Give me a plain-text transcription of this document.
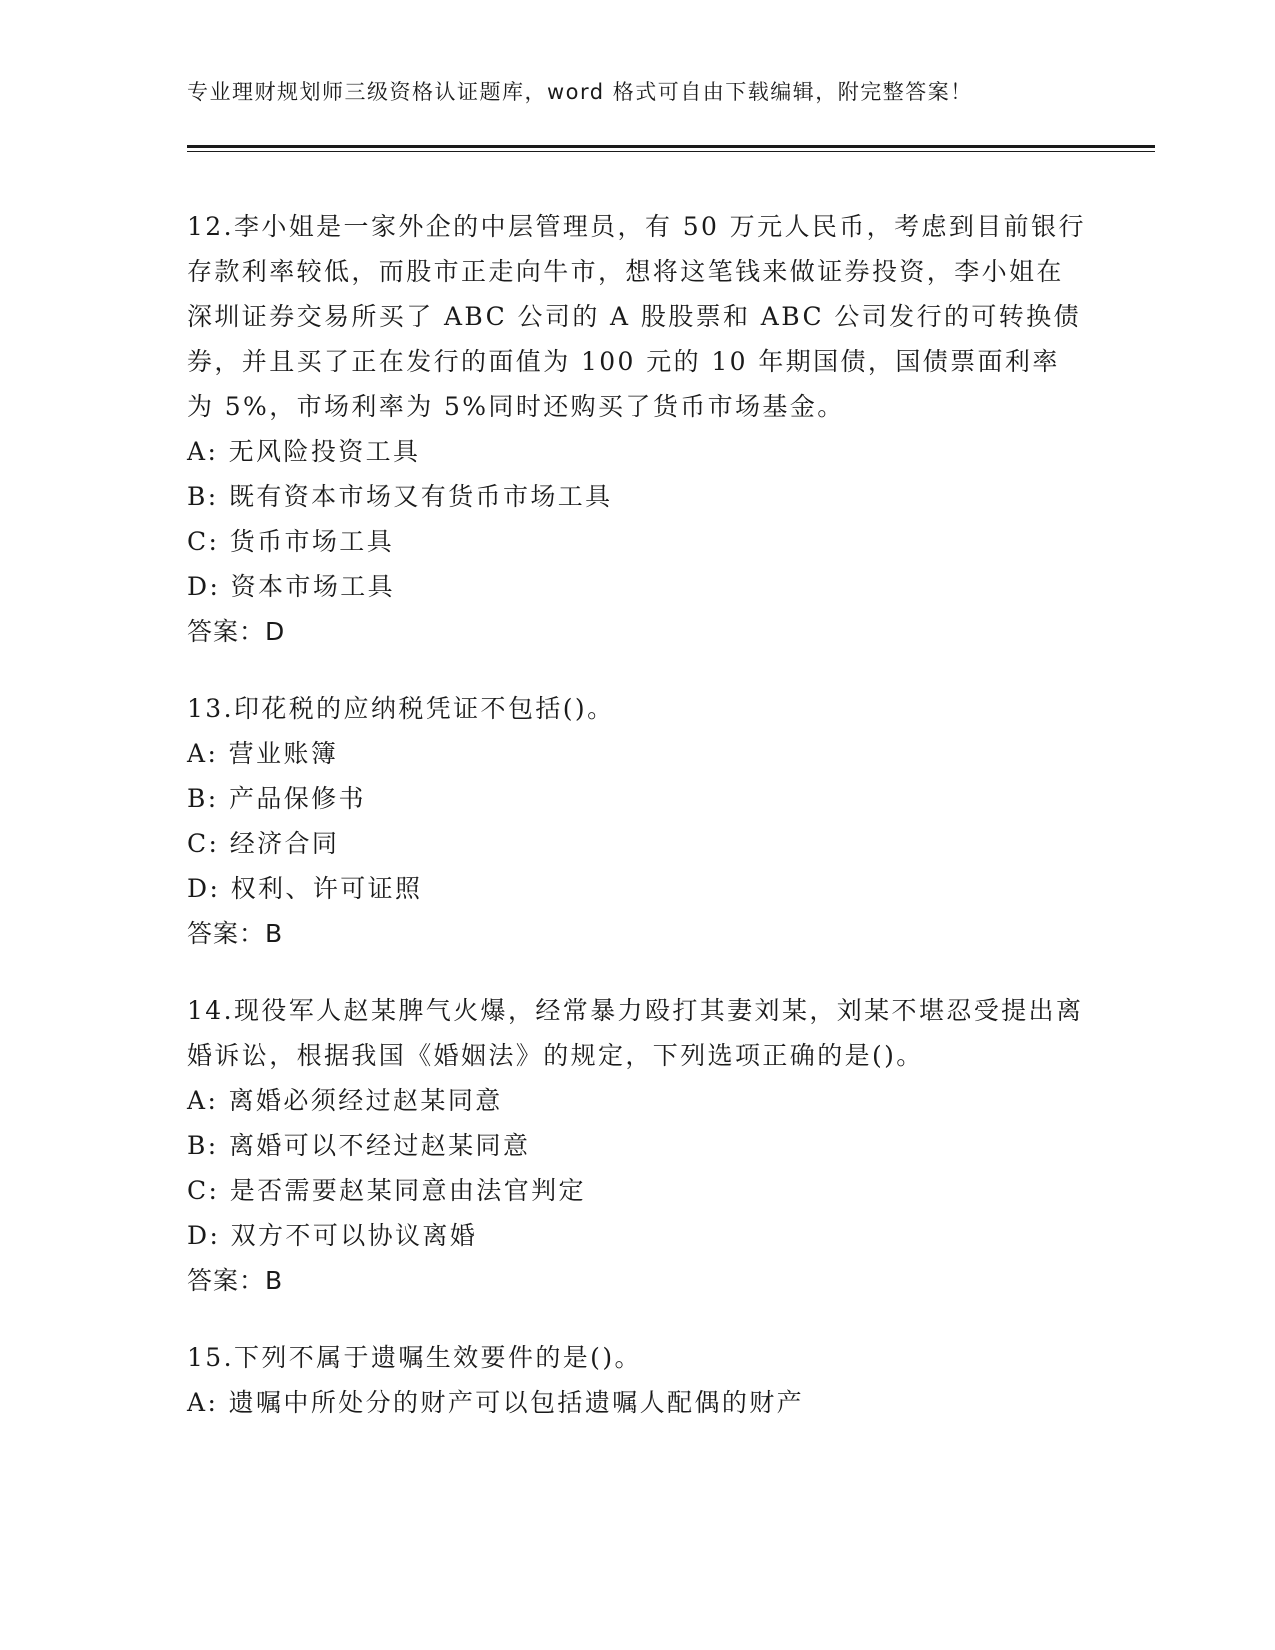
专业理财规划师三级资格认证题库，word 格式可自由下载编辑，附完整答案！
12.李小姐是一家外企的中层管理员，有 50 万元人民币，考虑到目前银行存款利率较低，而股市正走向牛市，想将这笔钱来做证券投资，李小姐在深圳证券交易所买了 ABC 公司的 A 股股票和 ABC 公司发行的可转换债券，并且买了正在发行的面值为 100 元的 10 年期国债，国债票面利率为 5%，市场利率为 5%同时还购买了货币市场基金。
A: 无风险投资工具
B: 既有资本市场又有货币市场工具
C: 货币市场工具
D: 资本市场工具
答案：D
13.印花税的应纳税凭证不包括()。
A: 营业账簿
B: 产品保修书
C: 经济合同
D: 权利、许可证照
答案：B
14.现役军人赵某脾气火爆，经常暴力殴打其妻刘某，刘某不堪忍受提出离婚诉讼，根据我国《婚姻法》的规定，下列选项正确的是()。
A: 离婚必须经过赵某同意
B: 离婚可以不经过赵某同意
C: 是否需要赵某同意由法官判定
D: 双方不可以协议离婚
答案：B
15.下列不属于遗嘱生效要件的是()。
A: 遗嘱中所处分的财产可以包括遗嘱人配偶的财产
